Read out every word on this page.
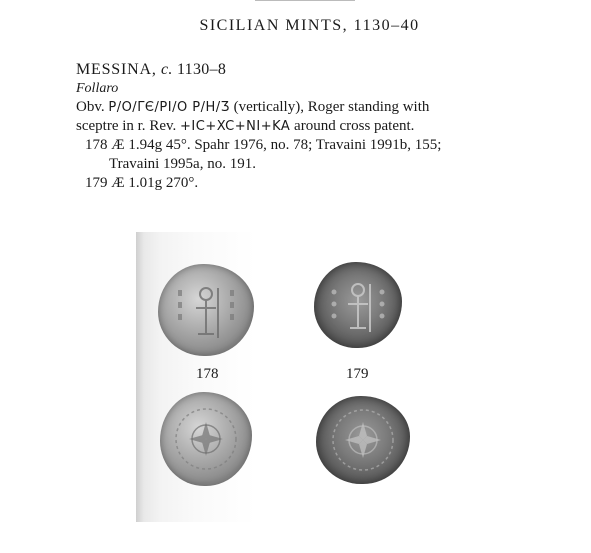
SICILIAN MINTS, 1130–40
MESSINA, c. 1130–8
Follaro
Obv. P/O/ΓЄ/PI/O P/H/Ʒ (vertically), Roger standing with
sceptre in r. Rev. +IC+XC+NI+KA around cross patent.
178 Æ 1.94g 45°. Spahr 1976, no. 78; Travaini 1991b, 155;
Travaini 1995a, no. 191.
179 Æ 1.01g 270°.
178	179
